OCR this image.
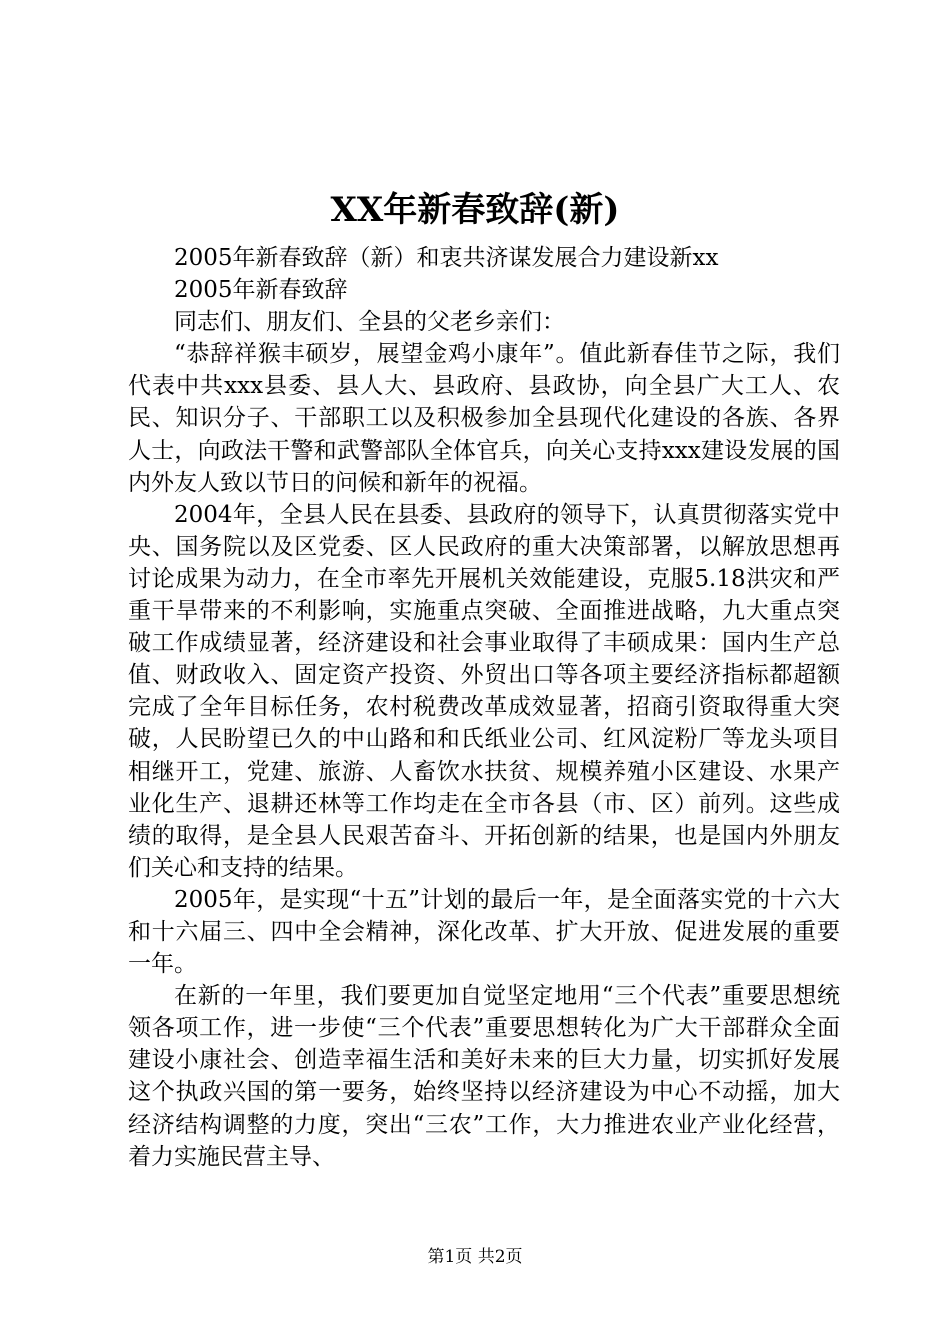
XX年新春致辞(新)

2005年新春致辞（新）和衷共济谋发展合力建设新xx

2005年新春致辞

同志们、朋友们、全县的父老乡亲们：

“恭辞祥猴丰硕岁，展望金鸡小康年”。值此新春佳节之际，我们代表中共xxx县委、县人大、县政府、县政协，向全县广大工人、农民、知识分子、干部职工以及积极参加全县现代化建设的各族、各界人士，向政法干警和武警部队全体官兵，向关心支持xxx建设发展的国内外友人致以节日的问候和新年的祝福。

2004年，全县人民在县委、县政府的领导下，认真贯彻落实党中央、国务院以及区党委、区人民政府的重大决策部署，以解放思想再讨论成果为动力，在全市率先开展机关效能建设，克服5.18洪灾和严重干旱带来的不利影响，实施重点突破、全面推进战略，九大重点突破工作成绩显著，经济建设和社会事业取得了丰硕成果：国内生产总值、财政收入、固定资产投资、外贸出口等各项主要经济指标都超额完成了全年目标任务，农村税费改革成效显著，招商引资取得重大突破，人民盼望已久的中山路和和氏纸业公司、红风淀粉厂等龙头项目相继开工，党建、旅游、人畜饮水扶贫、规模养殖小区建设、水果产业化生产、退耕还林等工作均走在全市各县（市、区）前列。这些成绩的取得，是全县人民艰苦奋斗、开拓创新的结果，也是国内外朋友们关心和支持的结果。

2005年，是实现“十五”计划的最后一年，是全面落实党的十六大和十六届三、四中全会精神，深化改革、扩大开放、促进发展的重要一年。

在新的一年里，我们要更加自觉坚定地用“三个代表”重要思想统领各项工作，进一步使“三个代表”重要思想转化为广大干部群众全面建设小康社会、创造幸福生活和美好未来的巨大力量，切实抓好发展这个执政兴国的第一要务，始终坚持以经济建设为中心不动摇，加大经济结构调整的力度，突出“三农”工作，大力推进农业产业化经营，着力实施民营主导、

第1页 共2页
